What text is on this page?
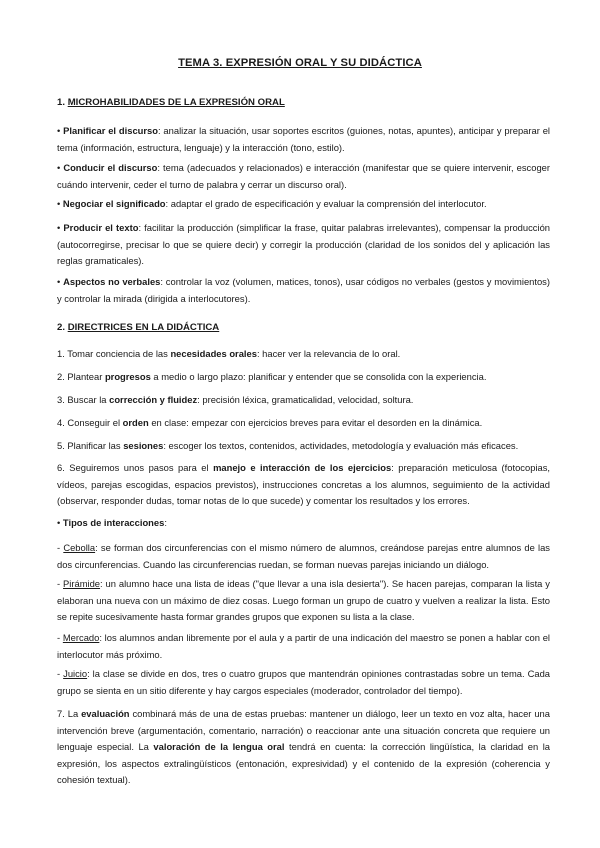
TEMA 3. EXPRESIÓN ORAL Y SU DIDÁCTICA
1. MICROHABILIDADES DE LA EXPRESIÓN ORAL

• Planificar el discurso: analizar la situación, usar soportes escritos (guiones, notas, apuntes), anticipar y preparar el tema (información, estructura, lenguaje) y la interacción (tono, estilo).

• Conducir el discurso: tema (adecuados y relacionados) e interacción (manifestar que se quiere intervenir, escoger cuándo intervenir, ceder el turno de palabra y cerrar un discurso oral).

• Negociar el significado: adaptar el grado de especificación y evaluar la comprensión del interlocutor.

• Producir el texto: facilitar la producción (simplificar la frase, quitar palabras irrelevantes), compensar la producción (autocorregirse, precisar lo que se quiere decir) y corregir la producción (claridad de los sonidos del y aplicación las reglas gramaticales).

• Aspectos no verbales: controlar la voz (volumen, matices, tonos), usar códigos no verbales (gestos y movimientos) y controlar la mirada (dirigida a interlocutores).

2. DIRECTRICES EN LA DIDÁCTICA

1. Tomar conciencia de las necesidades orales: hacer ver la relevancia de lo oral.

2. Plantear progresos a medio o largo plazo: planificar y entender que se consolida con la experiencia.

3. Buscar la corrección y fluidez: precisión léxica, gramaticalidad, velocidad, soltura.

4. Conseguir el orden en clase: empezar con ejercicios breves para evitar el desorden en la dinámica.

5. Planificar las sesiones: escoger los textos, contenidos, actividades, metodología y evaluación más eficaces.

6. Seguiremos unos pasos para el manejo e interacción de los ejercicios: preparación meticulosa (fotocopias, vídeos, parejas escogidas, espacios previstos), instrucciones concretas a los alumnos, seguimiento de la actividad (observar, responder dudas, tomar notas de lo que sucede) y comentar los resultados y los errores.

• Tipos de interacciones:

- Cebolla: se forman dos circunferencias con el mismo número de alumnos, creándose parejas entre alumnos de las dos circunferencias. Cuando las circunferencias ruedan, se forman nuevas parejas iniciando un diálogo.

- Pirámide: un alumno hace una lista de ideas ("que llevar a una isla desierta"). Se hacen parejas, comparan la lista y elaboran una nueva con un máximo de diez cosas. Luego forman un grupo de cuatro y vuelven a realizar la lista. Esto se repite sucesivamente hasta formar grandes grupos que exponen su lista a la clase.

- Mercado: los alumnos andan libremente por el aula y a partir de una indicación del maestro se ponen a hablar con el interlocutor más próximo.

- Juicio: la clase se divide en dos, tres o cuatro grupos que mantendrán opiniones contrastadas sobre un tema. Cada grupo se sienta en un sitio diferente y hay cargos especiales (moderador, controlador del tiempo).

7. La evaluación combinará más de una de estas pruebas: mantener un diálogo, leer un texto en voz alta, hacer una intervención breve (argumentación, comentario, narración) o reaccionar ante una situación concreta que requiere un lenguaje especial. La valoración de la lengua oral tendrá en cuenta: la corrección lingüística, la claridad en la expresión, los aspectos extralingüísticos (entonación, expresividad) y el contenido de la expresión (coherencia y cohesión textual).
